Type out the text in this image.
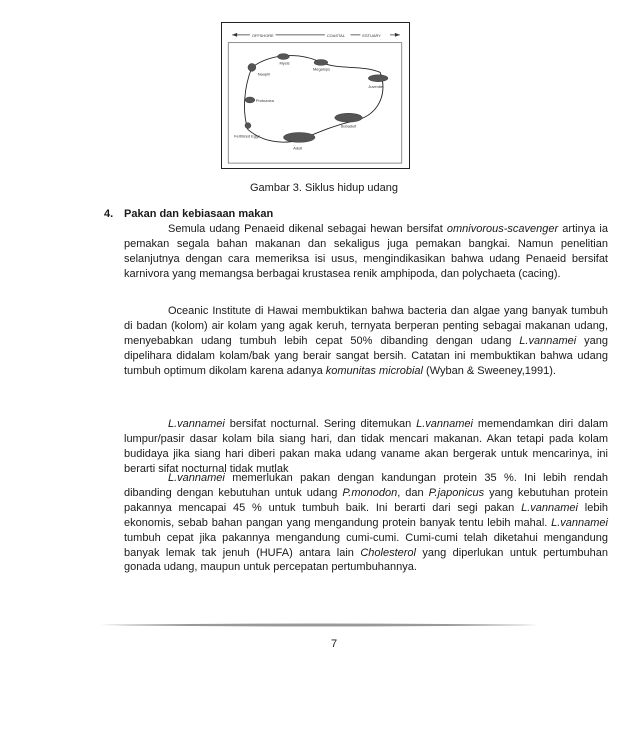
OFFSHORE	COASTAL	ESTUARY
Nauplii
Mysis
Megalops
Protozoea
Juvenile
Fertilized Eggs
Adult
Subadult
Gambar 3. Siklus hidup udang
4. Pakan dan kebiasaan makan

Semula udang Penaeid dikenal sebagai hewan bersifat omnivorous-scavenger artinya ia pemakan segala bahan makanan dan sekaligus juga pemakan bangkai. Namun penelitian selanjutnya dengan cara memeriksa isi usus, mengindikasikan bahwa udang Penaeid bersifat karnivora yang memangsa berbagai krustasea renik amphipoda, dan polychaeta (cacing).

Oceanic Institute di Hawai membuktikan bahwa bacteria dan algae yang banyak tumbuh di badan (kolom) air kolam yang agak keruh, ternyata berperan penting sebagai makanan udang, menyebabkan udang tumbuh lebih cepat 50% dibanding dengan udang L.vannamei yang dipelihara didalam kolam/bak yang berair sangat bersih. Catatan ini membuktikan bahwa udang tumbuh optimum dikolam karena adanya komunitas microbial (Wyban & Sweeney,1991).

L.vannamei bersifat nocturnal. Sering ditemukan L.vannamei memendamkan diri dalam lumpur/pasir dasar kolam bila siang hari, dan tidak mencari makanan. Akan tetapi pada kolam budidaya jika siang hari diberi pakan maka udang vaname akan bergerak untuk mencarinya, ini berarti sifat nocturnal tidak mutlak

L.vannamei memerlukan pakan dengan kandungan protein 35 %. Ini lebih rendah dibanding dengan kebutuhan untuk udang P.monodon, dan P.japonicus yang kebutuhan protein pakannya mencapai 45 % untuk tumbuh baik. Ini berarti dari segi pakan L.vannamei lebih ekonomis, sebab bahan pangan yang mengandung protein banyak tentu lebih mahal. L.vannamei tumbuh cepat jika pakannya mengandung cumi-cumi. Cumi-cumi telah diketahui mengandung banyak lemak tak jenuh (HUFA) antara lain Cholesterol yang diperlukan untuk pertumbuhan gonada udang, maupun untuk percepatan pertumbuhannya.

7
